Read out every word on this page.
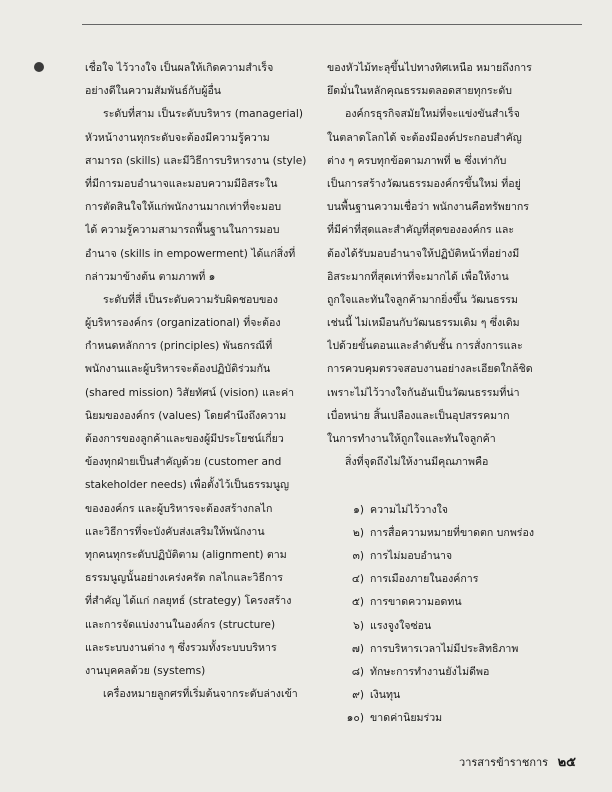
เชื่อใจ ไว้วางใจ เป็นผลให้เกิดความสำเร็จ
อย่างดีในความสัมพันธ์กับผู้อื่น
ระดับที่สาม เป็นระดับบริหาร (managerial)
หัวหน้างานทุกระดับจะต้องมีความรู้ความ
สามารถ (skills) และมีวิธีการบริหารงาน (style)
ที่มีการมอบอำนาจและมอบความมีอิสระใน
การตัดสินใจให้แก่พนักงานมากเท่าที่จะมอบ
ได้ ความรู้ความสามารถพื้นฐานในการมอบ
อำนาจ (skills in empowerment) ได้แก่สิ่งที่
กล่าวมาข้างต้น ตามภาพที่ ๑
ระดับที่สี่ เป็นระดับความรับผิดชอบของ
ผู้บริหารองค์กร (organizational) ที่จะต้อง
กำหนดหลักการ (principles) พันธกรณีที่
พนักงานและผู้บริหารจะต้องปฏิบัติร่วมกัน
(shared mission) วิสัยทัศน์ (vision) และค่า
นิยมขององค์กร (values) โดยคำนึงถึงความ
ต้องการของลูกค้าและของผู้มีประโยชน์เกี่ยว
ข้องทุกฝ่ายเป็นสำคัญด้วย (customer and
stakeholder needs) เพื่อตั้งไว้เป็นธรรมนูญ
ขององค์กร และผู้บริหารจะต้องสร้างกลไก
และวิธีการที่จะบังคับส่งเสริมให้พนักงาน
ทุกคนทุกระดับปฏิบัติตาม (alignment) ตาม
ธรรมนูญนั้นอย่างเคร่งครัด กลไกและวิธีการ
ที่สำคัญ ได้แก่ กลยุทธ์ (strategy) โครงสร้าง
และการจัดแบ่งงานในองค์กร (structure)
และระบบงานต่าง ๆ ซึ่งรวมทั้งระบบบริหาร
งานบุคคลด้วย (systems)
เครื่องหมายลูกศรที่เริ่มต้นจากระดับล่างเข้า
ของหัวไม้ทะลุขึ้นไปทางทิศเหนือ หมายถึงการ
ยึดมั่นในหลักคุณธรรมตลอดสายทุกระดับ
องค์กรธุรกิจสมัยใหม่ที่จะแข่งขันสำเร็จ
ในตลาดโลกได้ จะต้องมีองค์ประกอบสำคัญ
ต่าง ๆ ครบทุกข้อตามภาพที่ ๒ ซึ่งเท่ากับ
เป็นการสร้างวัฒนธรรมองค์กรขึ้นใหม่ ที่อยู่
บนพื้นฐานความเชื่อว่า พนักงานคือทรัพยากร
ที่มีค่าที่สุดและสำคัญที่สุดขององค์กร และ
ต้องได้รับมอบอำนาจให้ปฏิบัติหน้าที่อย่างมี
อิสระมากที่สุดเท่าที่จะมากได้ เพื่อให้งาน
ถูกใจและทันใจลูกค้ามากยิ่งขึ้น วัฒนธรรม
เช่นนี้ ไม่เหมือนกับวัฒนธรรมเดิม ๆ ซึ่งเดิม
ไปด้วยขั้นตอนและลำดับชั้น การสั่งการและ
การควบคุมตรวจสอบงานอย่างละเอียดใกล้ชิด
เพราะไม่ไว้วางใจกันอันเป็นวัฒนธรรมที่น่า
เบื่อหน่าย สิ้นเปลืองและเป็นอุปสรรคมาก
ในการทำงานให้ถูกใจและทันใจลูกค้า
สิ่งที่จุดถึงไม่ให้งานมีคุณภาพคือ
๑) ความไม่ไว้วางใจ
๒) การสื่อความหมายที่ขาดตก บกพร่อง
๓) การไม่มอบอำนาจ
๔) การเมืองภายในองค์การ
๕) การขาดความอดทน
๖) แรงจูงใจซ่อน
๗) การบริหารเวลาไม่มีประสิทธิภาพ
๘) ทักษะการทำงานยังไม่ดีพอ
๙) เงินทุน
๑๐) ขาดค่านิยมร่วม
วารสารข้าราชการ ๒๕
